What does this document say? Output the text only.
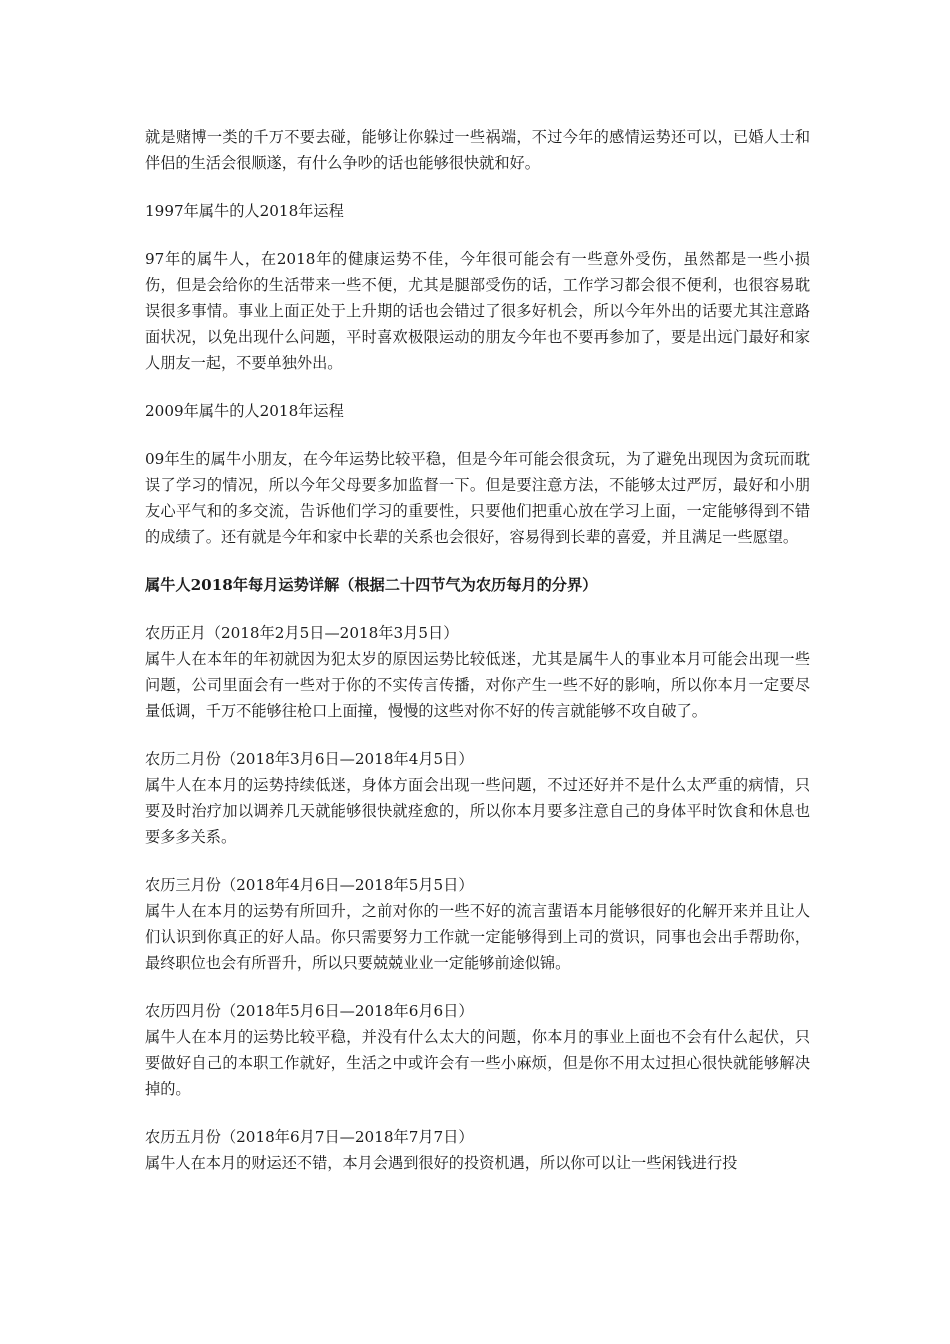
就是赌博一类的千万不要去碰，能够让你躲过一些祸端，不过今年的感情运势还可以，已婚人士和伴侣的生活会很顺遂，有什么争吵的话也能够很快就和好。

1997年属牛的人2018年运程

97年的属牛人，在2018年的健康运势不佳，今年很可能会有一些意外受伤，虽然都是一些小损伤，但是会给你的生活带来一些不便，尤其是腿部受伤的话，工作学习都会很不便利，也很容易耽误很多事情。事业上面正处于上升期的话也会错过了很多好机会，所以今年外出的话要尤其注意路面状况，以免出现什么问题，平时喜欢极限运动的朋友今年也不要再参加了，要是出远门最好和家人朋友一起，不要单独外出。

2009年属牛的人2018年运程

09年生的属牛小朋友，在今年运势比较平稳，但是今年可能会很贪玩，为了避免出现因为贪玩而耽误了学习的情况，所以今年父母要多加监督一下。但是要注意方法，不能够太过严厉，最好和小朋友心平气和的多交流，告诉他们学习的重要性，只要他们把重心放在学习上面，一定能够得到不错的成绩了。还有就是今年和家中长辈的关系也会很好，容易得到长辈的喜爱，并且满足一些愿望。

属牛人2018年每月运势详解（根据二十四节气为农历每月的分界）

农历正月（2018年2月5日—2018年3月5日）

属牛人在本年的年初就因为犯太岁的原因运势比较低迷，尤其是属牛人的事业本月可能会出现一些问题，公司里面会有一些对于你的不实传言传播，对你产生一些不好的影响，所以你本月一定要尽量低调，千万不能够往枪口上面撞，慢慢的这些对你不好的传言就能够不攻自破了。

农历二月份（2018年3月6日—2018年4月5日）

属牛人在本月的运势持续低迷，身体方面会出现一些问题，不过还好并不是什么太严重的病情，只要及时治疗加以调养几天就能够很快就痊愈的，所以你本月要多注意自己的身体平时饮食和休息也要多多关系。

农历三月份（2018年4月6日—2018年5月5日）

属牛人在本月的运势有所回升，之前对你的一些不好的流言蜚语本月能够很好的化解开来并且让人们认识到你真正的好人品。你只需要努力工作就一定能够得到上司的赏识，同事也会出手帮助你，最终职位也会有所晋升，所以只要兢兢业业一定能够前途似锦。

农历四月份（2018年5月6日—2018年6月6日）

属牛人在本月的运势比较平稳，并没有什么太大的问题，你本月的事业上面也不会有什么起伏，只要做好自己的本职工作就好，生活之中或许会有一些小麻烦，但是你不用太过担心很快就能够解决掉的。

农历五月份（2018年6月7日—2018年7月7日）

属牛人在本月的财运还不错，本月会遇到很好的投资机遇，所以你可以让一些闲钱进行投
